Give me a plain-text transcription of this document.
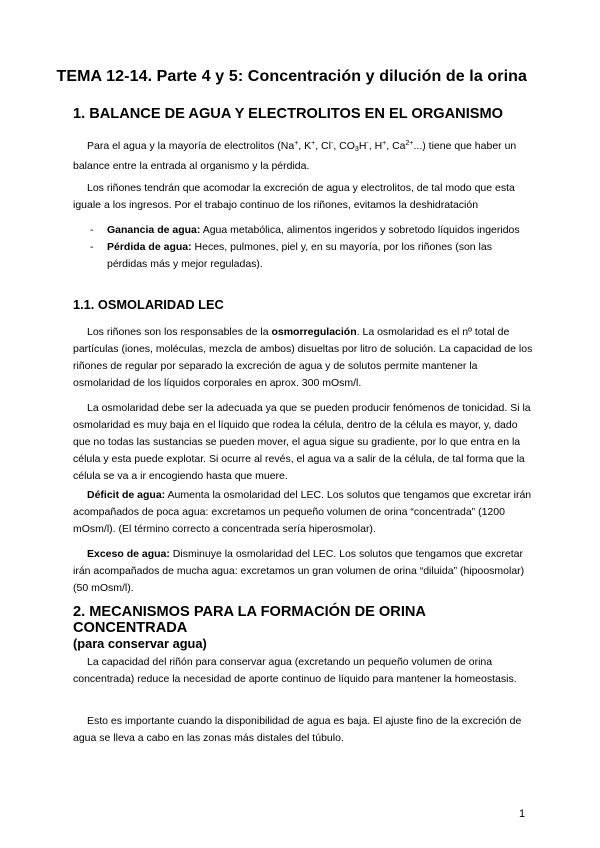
TEMA 12-14. Parte 4 y 5: Concentración y dilución de la orina
1. BALANCE DE AGUA Y ELECTROLITOS EN EL ORGANISMO

Para el agua y la mayoría de electrolitos (Na+, K+, Cl-, CO3H-, H+, $Ca^{2+}$...) tiene que haber un balance entre la entrada al organismo y la pérdida.

Los riñones tendrán que acomodar la excreción de agua y electrolitos, de tal modo que esta iguale a los ingresos. Por el trabajo continuo de los riñones, evitamos la deshidratación

- Ganancia de agua: Agua metabólica, alimentos ingeridos y sobretodo líquidos ingeridos
- Pérdida de agua: Heces, pulmones, piel y, en su mayoría, por los riñones (son las pérdidas más y mejor reguladas).
1.1. OSMOLARIDAD LEC

Los riñones son los responsables de la osmorregulación. La osmolaridad es el nº total de partículas (iones, moléculas, mezcla de ambos) disueltas por litro de solución. La capacidad de los riñones de regular por separado la excreción de agua y de solutos permite mantener la osmolaridad de los líquidos corporales en aprox. 300 mOsm/l.

La osmolaridad debe ser la adecuada ya que se pueden producir fenómenos de tonicidad. Si la osmolaridad es muy baja en el líquido que rodea la célula, dentro de la célula es mayor, y, dado que no todas las sustancias se pueden mover, el agua sigue su gradiente, por lo que entra en la célula y esta puede explotar. Si ocurre al revés, el agua va a salir de la célula, de tal forma que la célula se va a ir encogiendo hasta que muere.

Déficit de agua: Aumenta la osmolaridad del LEC. Los solutos que tengamos que excretar irán acompañados de poca agua: excretamos un pequeño volumen de orina “concentrada” (1200 mOsm/l). (El término correcto a concentrada sería hiperosmolar).

Exceso de agua: Disminuye la osmolaridad del LEC. Los solutos que tengamos que excretar irán acompañados de mucha agua: excretamos un gran volumen de orina “diluida” (hipoosmolar) (50 mOsm/l).

2. MECANISMOS PARA LA FORMACIÓN DE ORINA CONCENTRADA
(para conservar agua)

La capacidad del riñón para conservar agua (excretando un pequeño volumen de orina concentrada) reduce la necesidad de aporte continuo de líquido para mantener la homeostasis.

Esto es importante cuando la disponibilidad de agua es baja. El ajuste fino de la excreción de agua se lleva a cabo en las zonas más distales del túbulo.

1
